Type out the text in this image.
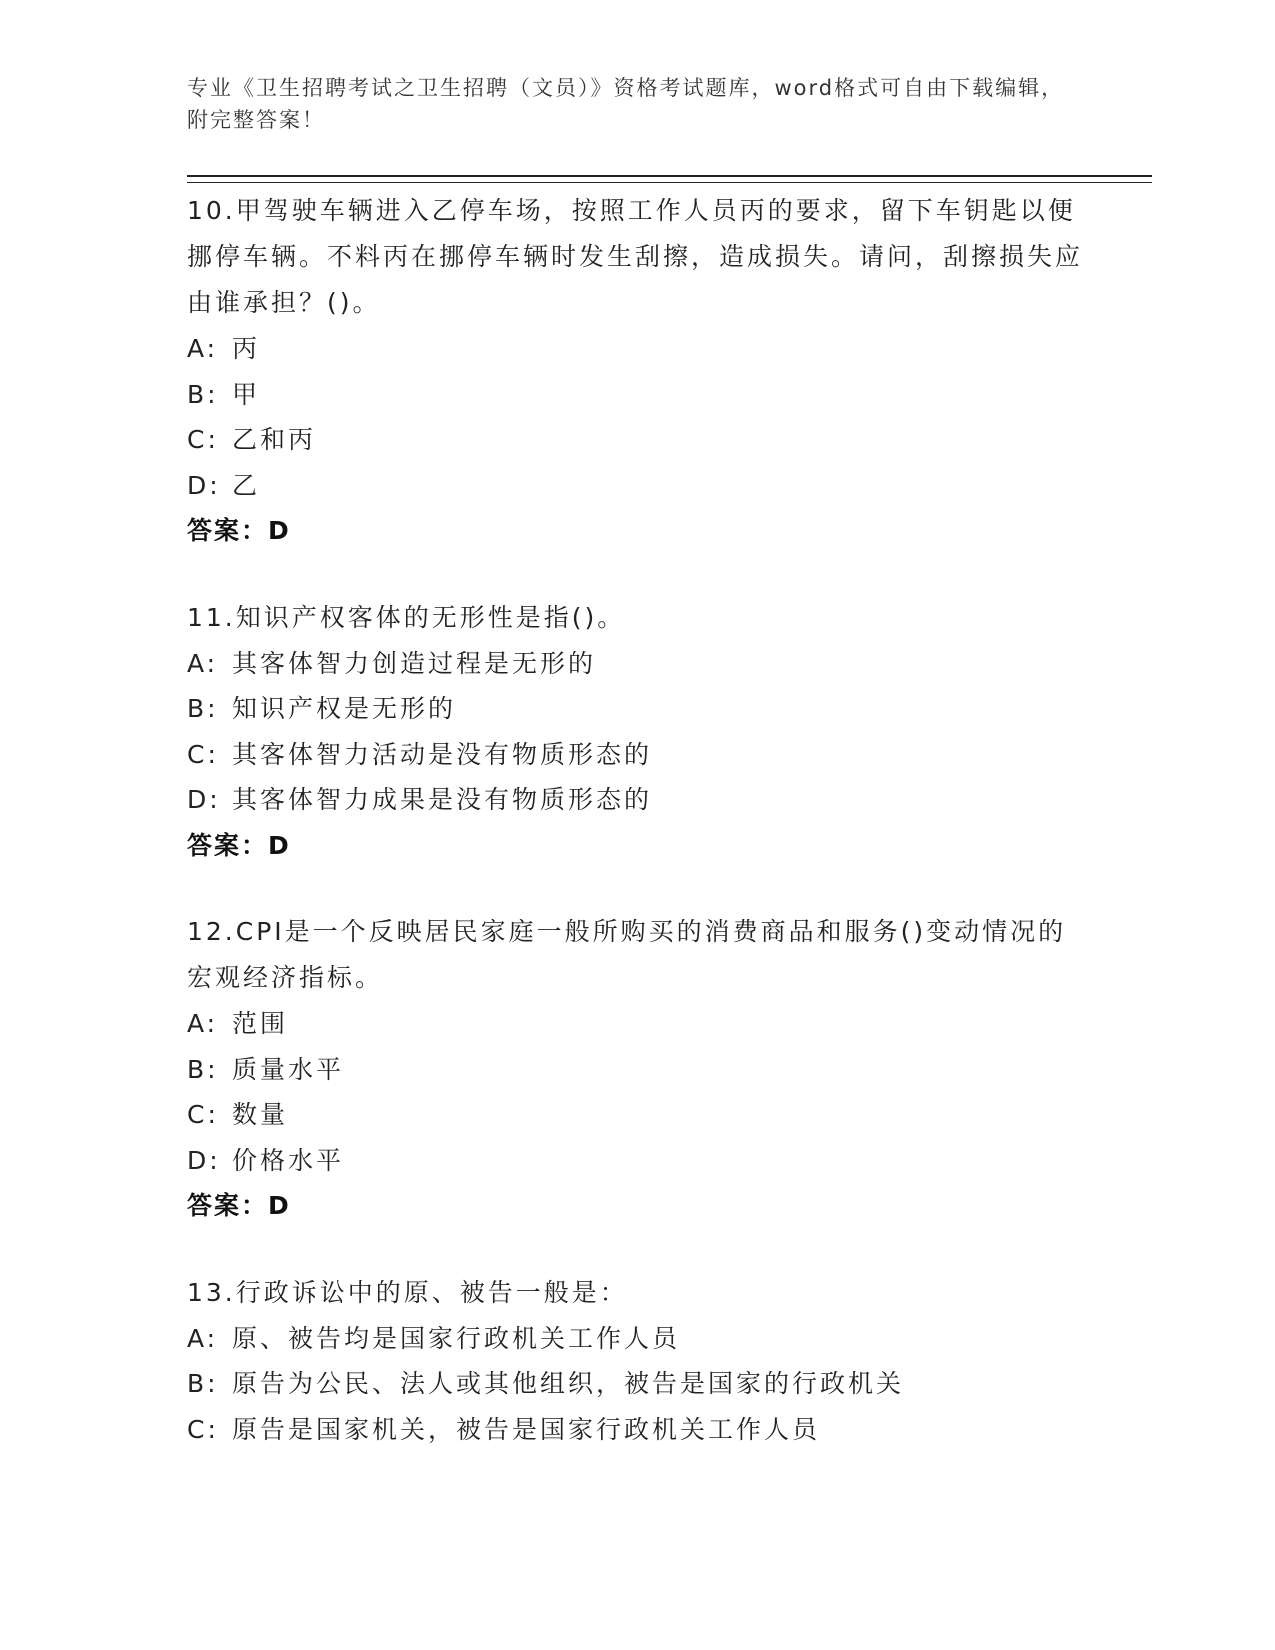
专业《卫生招聘考试之卫生招聘（文员）》资格考试题库，word格式可自由下载编辑，附完整答案！

10.甲驾驶车辆进入乙停车场，按照工作人员丙的要求，留下车钥匙以便挪停车辆。不料丙在挪停车辆时发生刮擦，造成损失。请问，刮擦损失应由谁承担？()。

A: 丙
B: 甲
C: 乙和丙
D: 乙
答案：D

11.知识产权客体的无形性是指()。

A: 其客体智力创造过程是无形的
B: 知识产权是无形的
C: 其客体智力活动是没有物质形态的
D: 其客体智力成果是没有物质形态的
答案：D

12.CPI是一个反映居民家庭一般所购买的消费商品和服务()变动情况的宏观经济指标。

A: 范围
B: 质量水平
C: 数量
D: 价格水平
答案：D

13.行政诉讼中的原、被告一般是：

A: 原、被告均是国家行政机关工作人员
B: 原告为公民、法人或其他组织，被告是国家的行政机关
C: 原告是国家机关，被告是国家行政机关工作人员
